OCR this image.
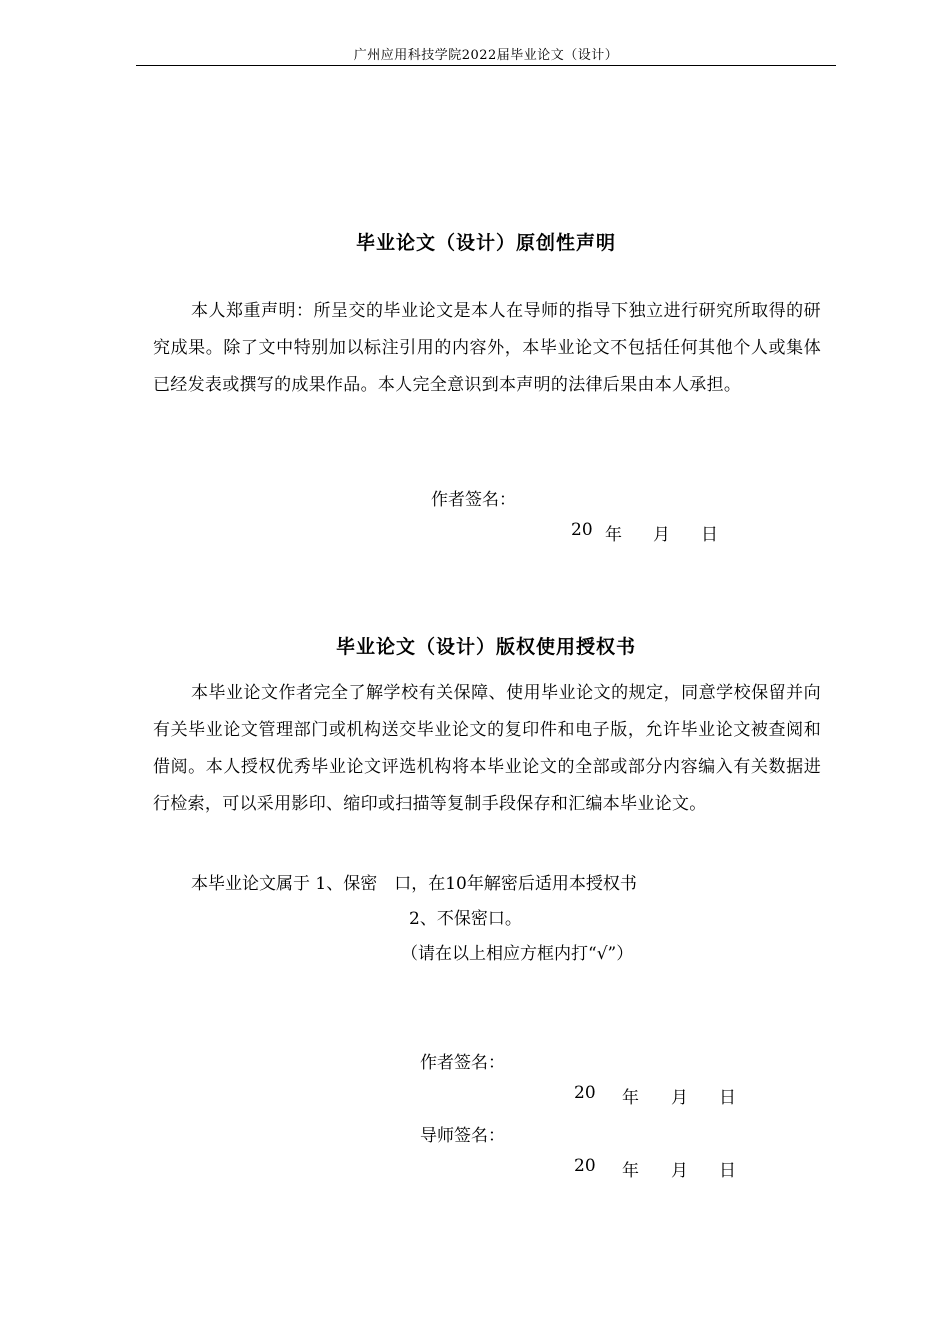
广州应用科技学院2022届毕业论文（设计）
毕业论文（设计）原创性声明
本人郑重声明：所呈交的毕业论文是本人在导师的指导下独立进行研究所取得的研究成果。除了文中特别加以标注引用的内容外，本毕业论文不包括任何其他个人或集体已经发表或撰写的成果作品。本人完全意识到本声明的法律后果由本人承担。
作者签名：
20 年 月 日
毕业论文（设计）版权使用授权书
本毕业论文作者完全了解学校有关保障、使用毕业论文的规定，同意学校保留并向有关毕业论文管理部门或机构送交毕业论文的复印件和电子版，允许毕业论文被查阅和借阅。本人授权优秀毕业论文评选机构将本毕业论文的全部或部分内容编入有关数据进行检索，可以采用影印、缩印或扫描等复制手段保存和汇编本毕业论文。
本毕业论文属于 1、保密　口，在10年解密后适用本授权书
2、不保密口。
（请在以上相应方框内打“√”）
作者签名：
20 年 月 日
导师签名：
20 年 月 日
